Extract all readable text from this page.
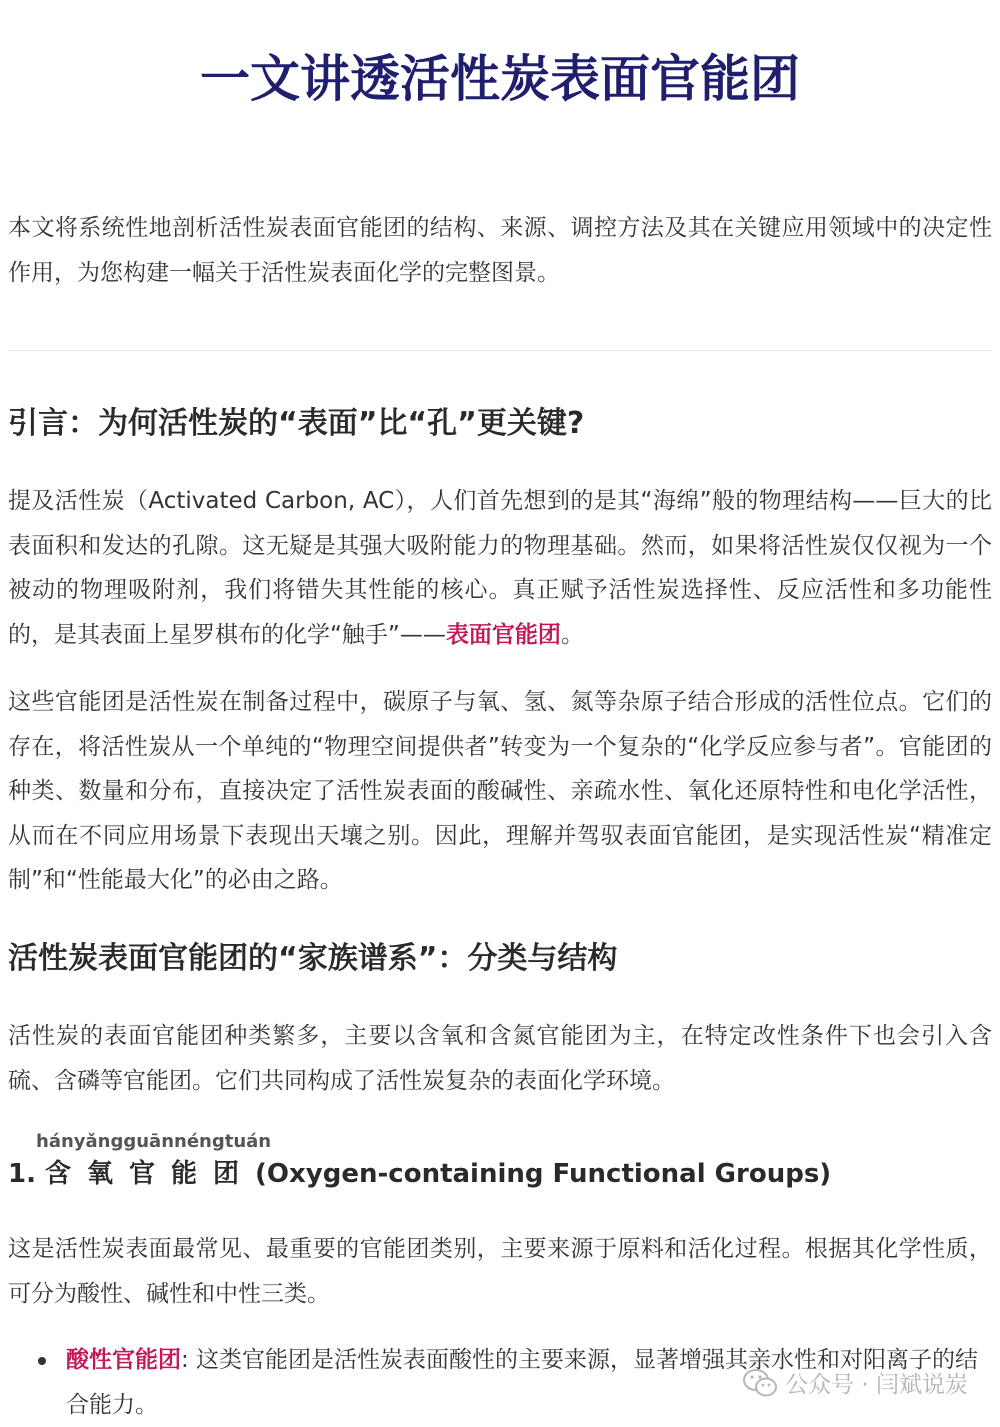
一文讲透活性炭表面官能团

本文将系统性地剖析活性炭表面官能团的结构、来源、调控方法及其在关键应用领域中的决定性作用，为您构建一幅关于活性炭表面化学的完整图景。

引言：为何活性炭的“表面”比“孔”更关键?

提及活性炭（Activated Carbon, AC），人们首先想到的是其“海绵”般的物理结构——巨大的比表面积和发达的孔隙。这无疑是其强大吸附能力的物理基础。然而，如果将活性炭仅仅视为一个被动的物理吸附剂，我们将错失其性能的核心。真正赋予活性炭选择性、反应活性和多功能性的，是其表面上星罗棋布的化学“触手”——表面官能团。

这些官能团是活性炭在制备过程中，碳原子与氧、氢、氮等杂原子结合形成的活性位点。它们的存在，将活性炭从一个单纯的“物理空间提供者”转变为一个复杂的“化学反应参与者”。官能团的种类、数量和分布，直接决定了活性炭表面的酸碱性、亲疏水性、氧化还原特性和电化学活性，从而在不同应用场景下表现出天壤之别。因此，理解并驾驭表面官能团，是实现活性炭“精准定制”和“性能最大化”的必由之路。

活性炭表面官能团的“家族谱系”：分类与结构

活性炭的表面官能团种类繁多，主要以含氧和含氮官能团为主，在特定改性条件下也会引入含硫、含磷等官能团。它们共同构成了活性炭复杂的表面化学环境。

hányǎngguānnéngtuán
1. 含氧官能团(Oxygen-containing Functional Groups)

这是活性炭表面最常见、最重要的官能团类别，主要来源于原料和活化过程。根据其化学性质，可分为酸性、碱性和中性三类。

酸性官能团: 这类官能团是活性炭表面酸性的主要来源，显著增强其亲水性和对阳离子的结合能力。

公众号 · 闫斌说炭
